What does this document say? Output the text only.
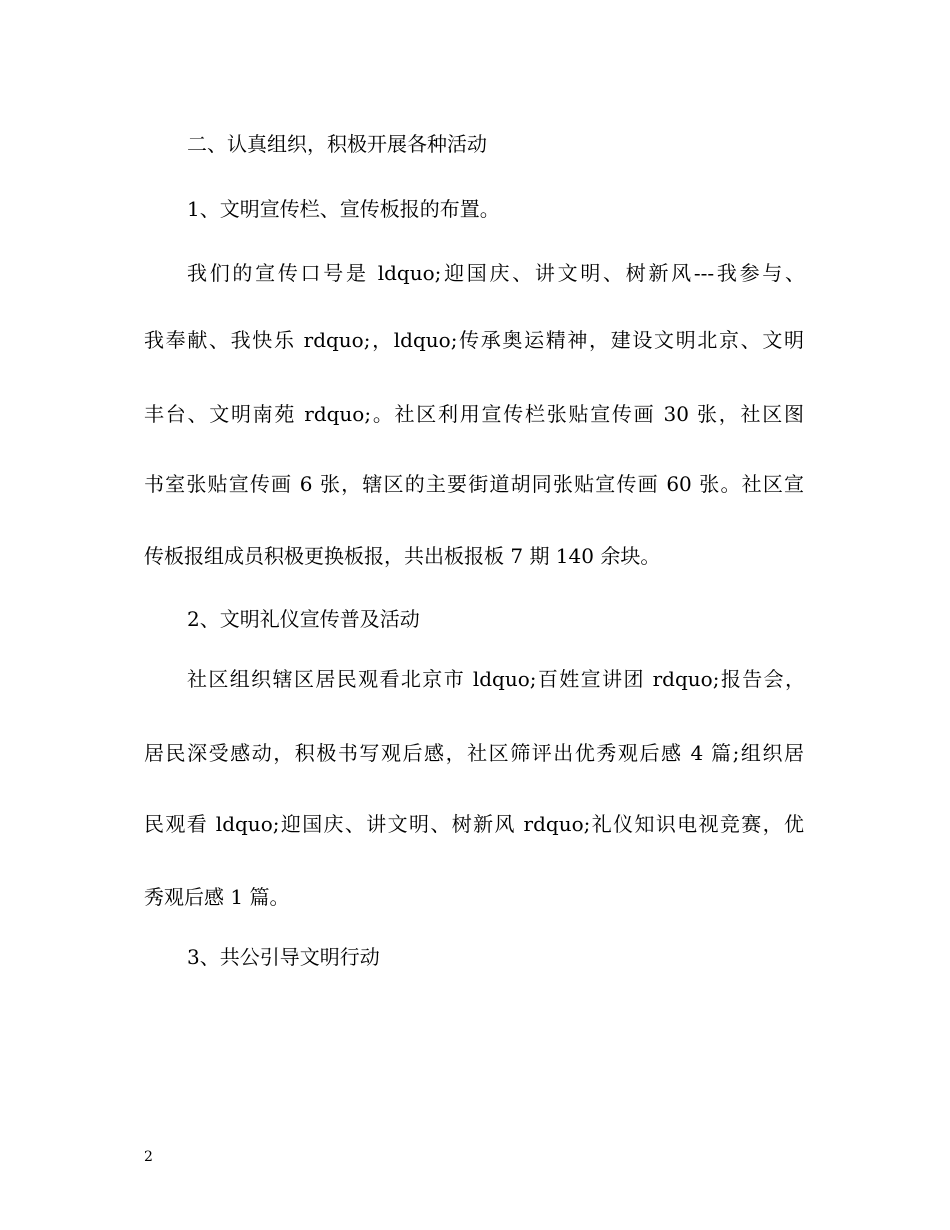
二、认真组织，积极开展各种活动
1、文明宣传栏、宣传板报的布置。
我们的宣传口号是 ldquo;迎国庆、讲文明、树新风---我参与、
我奉献、我快乐 rdquo;，ldquo;传承奥运精神，建设文明北京、文明
丰台、文明南苑 rdquo;。社区利用宣传栏张贴宣传画 30 张，社区图
书室张贴宣传画 6 张，辖区的主要街道胡同张贴宣传画 60 张。社区宣
传板报组成员积极更换板报，共出板报板 7 期 140 余块。
2、文明礼仪宣传普及活动
社区组织辖区居民观看北京市 ldquo;百姓宣讲团 rdquo;报告会，
居民深受感动，积极书写观后感，社区筛评出优秀观后感 4 篇;组织居
民观看 ldquo;迎国庆、讲文明、树新风 rdquo;礼仪知识电视竞赛，优
秀观后感 1 篇。
3、共公引导文明行动
2
